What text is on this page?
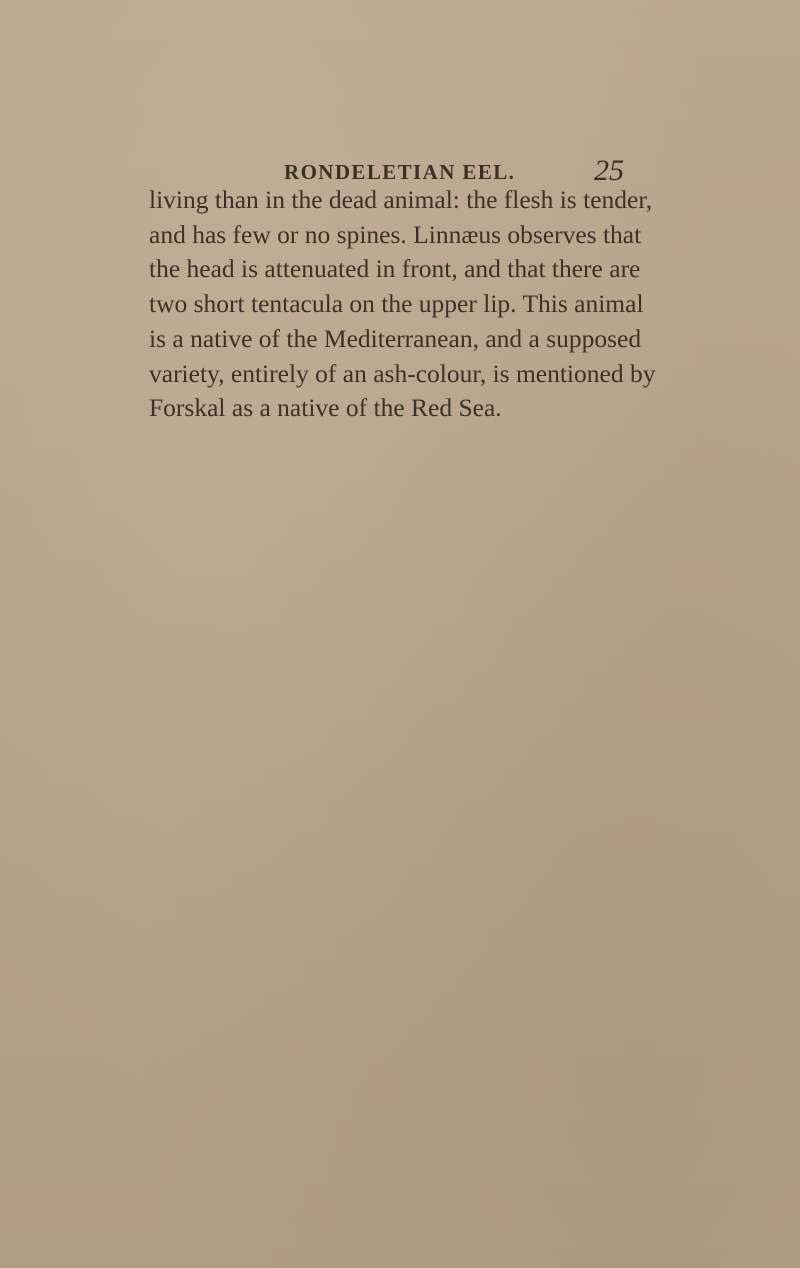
RONDELETIAN EEL.	25
living than in the dead animal: the flesh is tender,
and has few or no spines. Linnæus observes that
the head is attenuated in front, and that there are
two short tentacula on the upper lip. This animal
is a native of the Mediterranean, and a supposed
variety, entirely of an ash-colour, is mentioned by
Forskal as a native of the Red Sea.
